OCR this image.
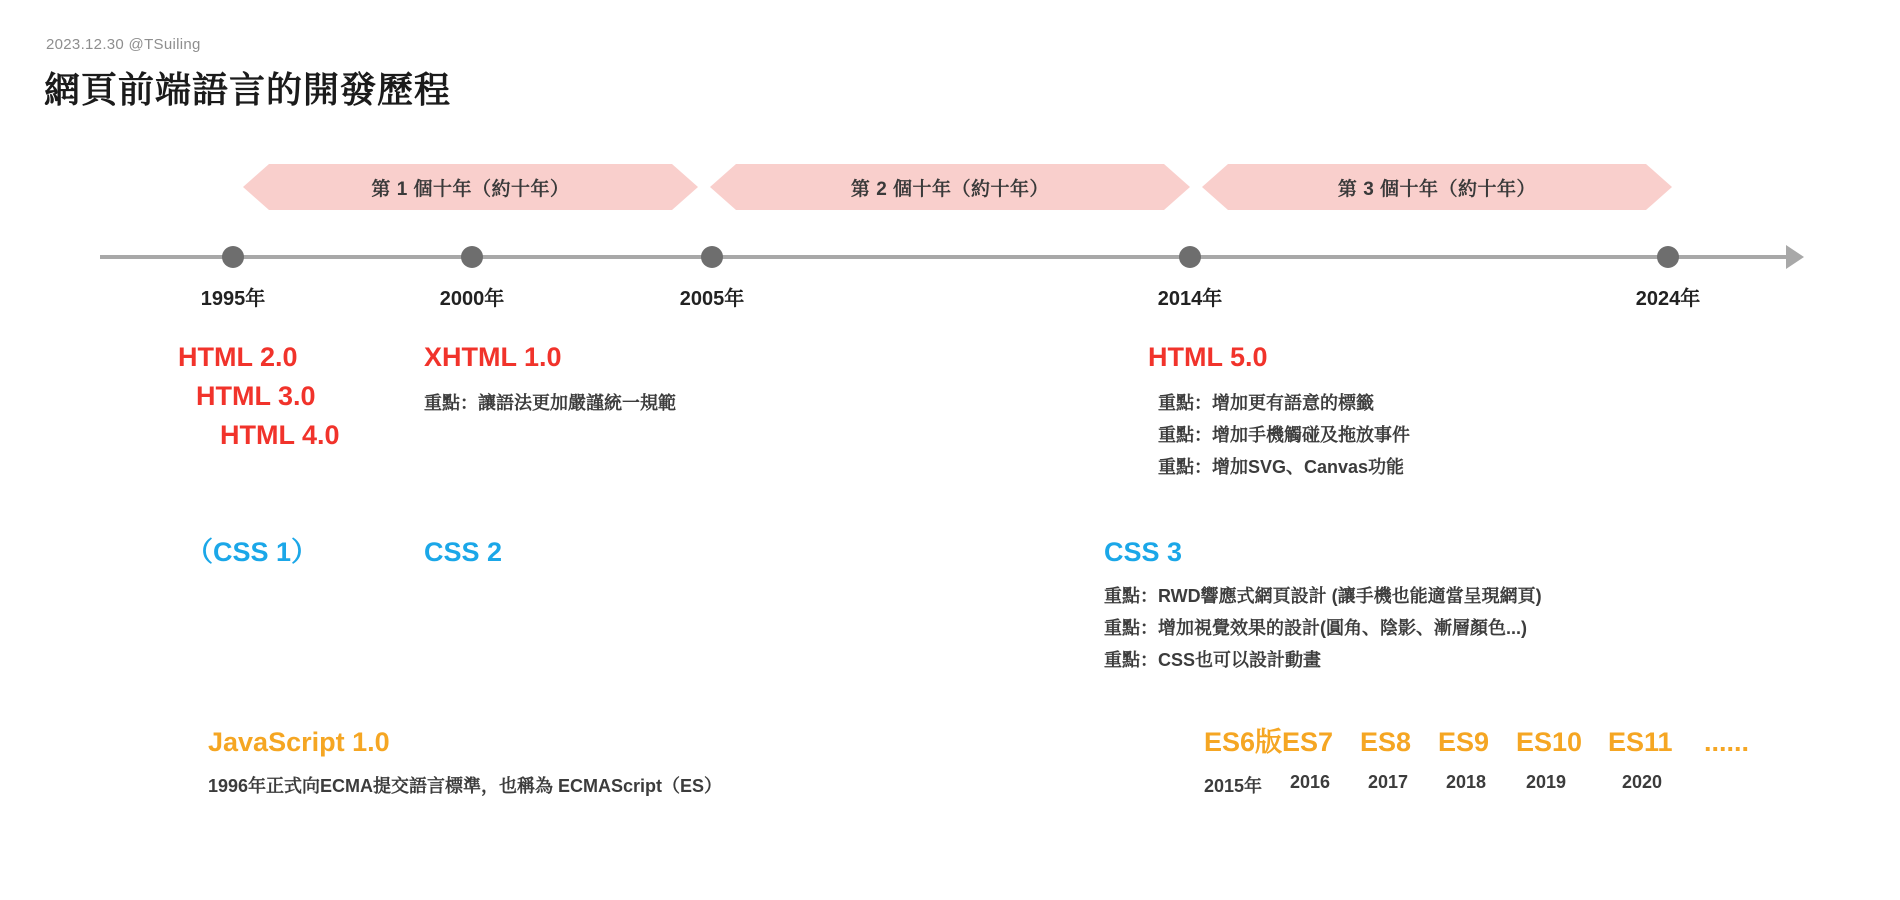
2023.12.30 @TSuiling
網頁前端語言的開發歷程
第 1 個十年（約十年）	第 2 個十年（約十年）	第 3 個十年（約十年）
1995年	2000年	2005年	2014年	2024年
HTML 2.0
HTML 3.0
HTML 4.0
XHTML 1.0
重點：讓語法更加嚴謹統一規範
HTML 5.0
重點：增加更有語意的標籤
重點：增加手機觸碰及拖放事件
重點：增加SVG、Canvas功能
（CSS 1）	CSS 2	CSS 3
重點：RWD響應式網頁設計 (讓手機也能適當呈現網頁)
重點：增加視覺效果的設計(圓角、陰影、漸層顏色...)
重點：CSS也可以設計動畫
JavaScript 1.0
1996年正式向ECMA提交語言標準，也稱為 ECMAScript（ES）
ES6版 ES7 ES8 ES9 ES10 ES11	......
2015年	2016	2017	2018	2019	2020
